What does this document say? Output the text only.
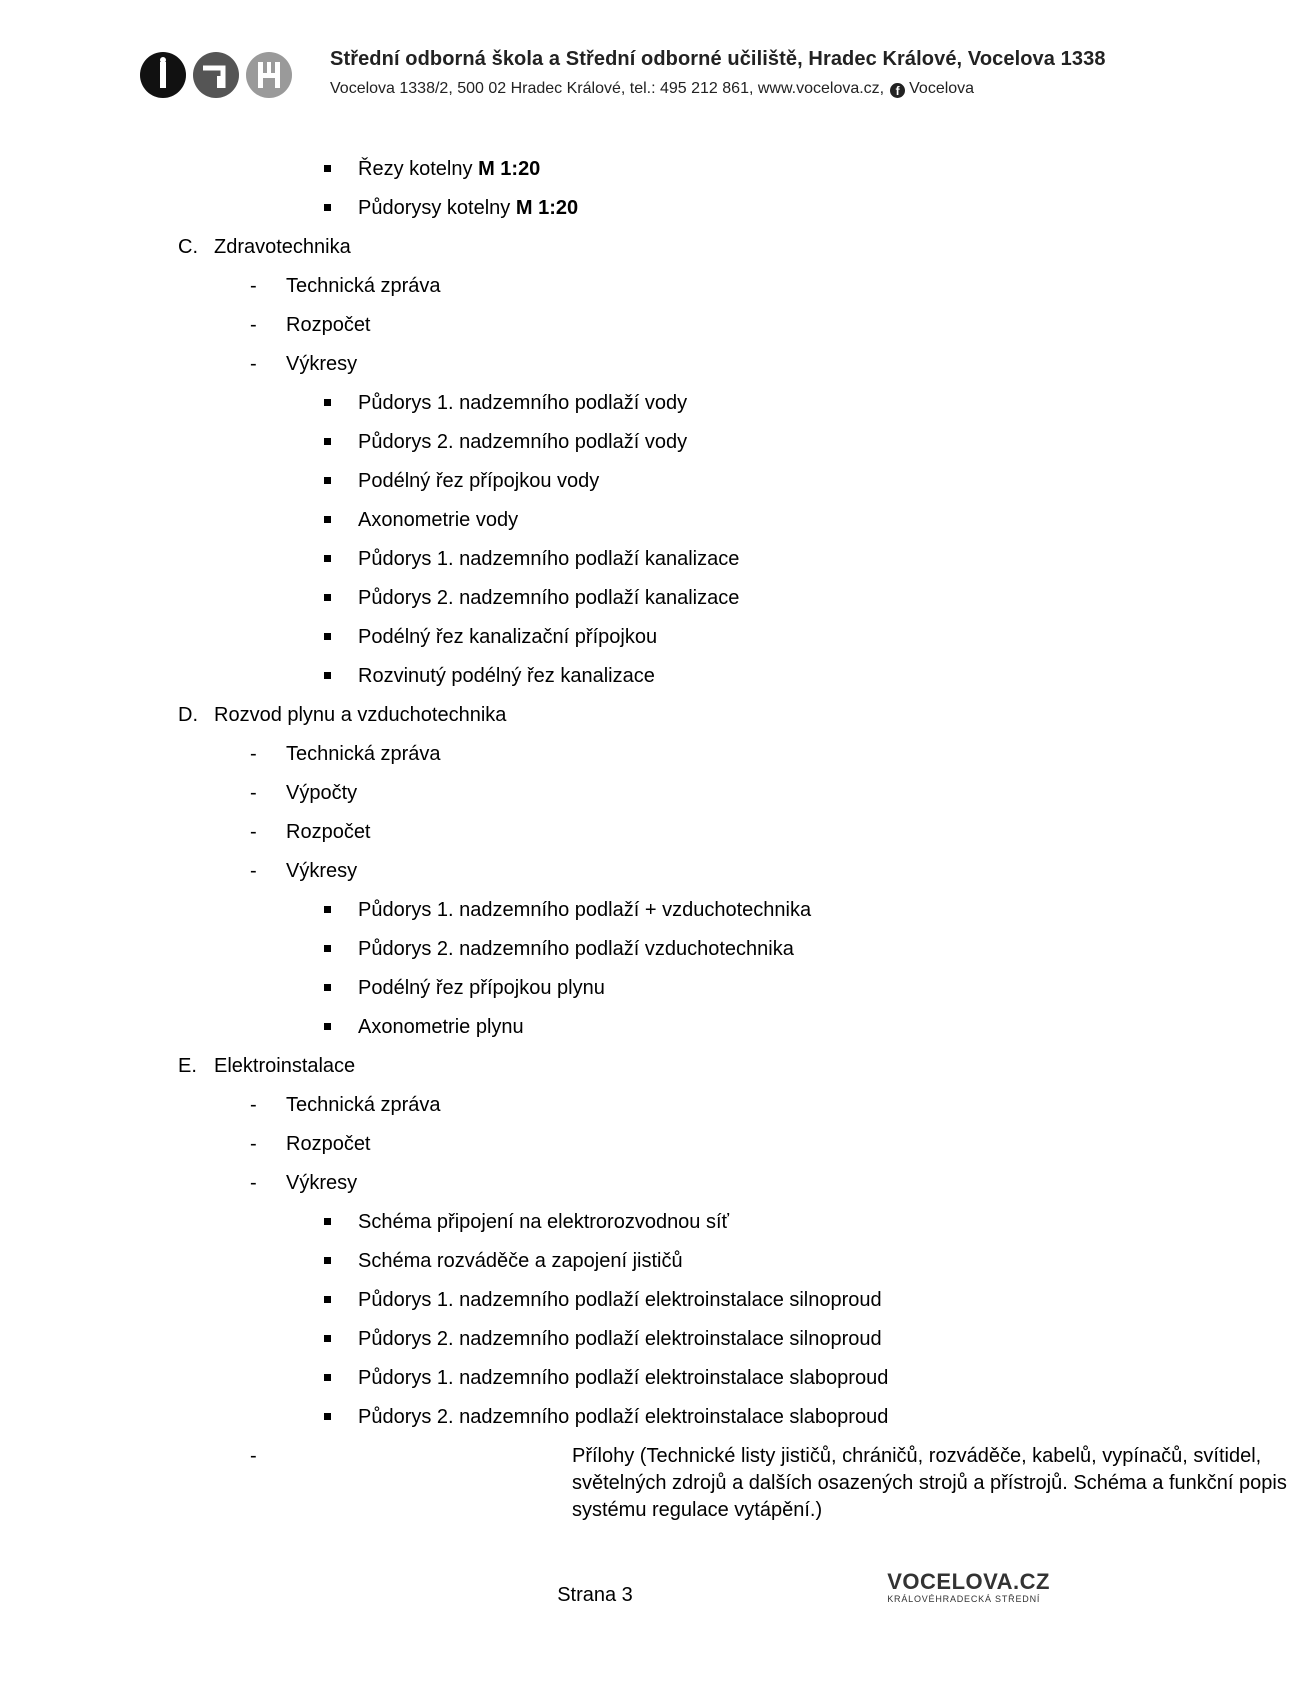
Střední odborná škola a Střední odborné učiliště, Hradec Králové, Vocelova 1338
Vocelova 1338/2, 500 02 Hradec Králové, tel.: 495 212 861, www.vocelova.cz, f Vocelova
Řezy kotelny M 1:20
Půdorysy kotelny M 1:20
C. Zdravotechnika
- Technická zpráva
- Rozpočet
- Výkresy
Půdorys 1. nadzemního podlaží vody
Půdorys 2. nadzemního podlaží vody
Podélný řez přípojkou vody
Axonometrie vody
Půdorys 1. nadzemního podlaží kanalizace
Půdorys 2. nadzemního podlaží kanalizace
Podélný řez kanalizační přípojkou
Rozvinutý podélný řez kanalizace
D. Rozvod plynu a vzduchotechnika
- Technická zpráva
- Výpočty
- Rozpočet
- Výkresy
Půdorys 1. nadzemního podlaží + vzduchotechnika
Půdorys 2. nadzemního podlaží vzduchotechnika
Podélný řez přípojkou plynu
Axonometrie plynu
E. Elektroinstalace
- Technická zpráva
- Rozpočet
- Výkresy
Schéma připojení na elektrorozvodnou síť
Schéma rozváděče a zapojení jističů
Půdorys 1. nadzemního podlaží elektroinstalace silnoproud
Půdorys 2. nadzemního podlaží elektroinstalace silnoproud
Půdorys 1. nadzemního podlaží elektroinstalace slaboproud
Půdorys 2. nadzemního podlaží elektroinstalace slaboproud
-	Přílohy (Technické listy jističů, chráničů, rozváděče, kabelů, vypínačů, svítidel, světelných zdrojů a dalších osazených strojů a přístrojů. Schéma a funkční popis systému regulace vytápění.)
Strana 3
VOCELOVA.CZ
KRÁLOVÉHRADECKÁ STŘEDNÍ
